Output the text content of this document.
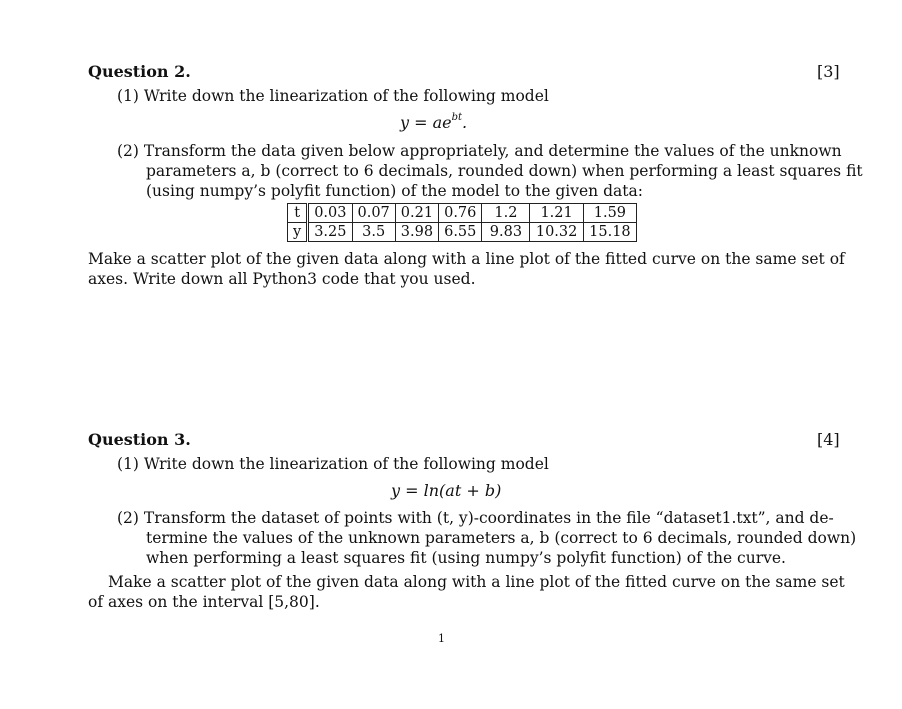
Question 2.	[3]
(1) Write down the linearization of the following model
$y = ae^{bt}$.
(2) Transform the data given below appropriately, and determine the values of the unknown
parameters a, b (correct to 6 decimals, rounded down) when performing a least squares fit
(using numpy’s polyfit function) of the model to the given data:
t	0.03	0.07	0.21	0.76	1.2	1.21	1.59
y	3.25	3.5	3.98	6.55	9.83	10.32	15.18
Make a scatter plot of the given data along with a line plot of the fitted curve on the same set of
axes. Write down all Python3 code that you used.
Question 3.	[4]
(1) Write down the linearization of the following model
y = ln(at + b)
(2) Transform the dataset of points with (t, y)-coordinates in the file “dataset1.txt”, and de-
termine the values of the unknown parameters a, b (correct to 6 decimals, rounded down)
when performing a least squares fit (using numpy’s polyfit function) of the curve.
Make a scatter plot of the given data along with a line plot of the fitted curve on the same set
of axes on the interval [5,80].
1
